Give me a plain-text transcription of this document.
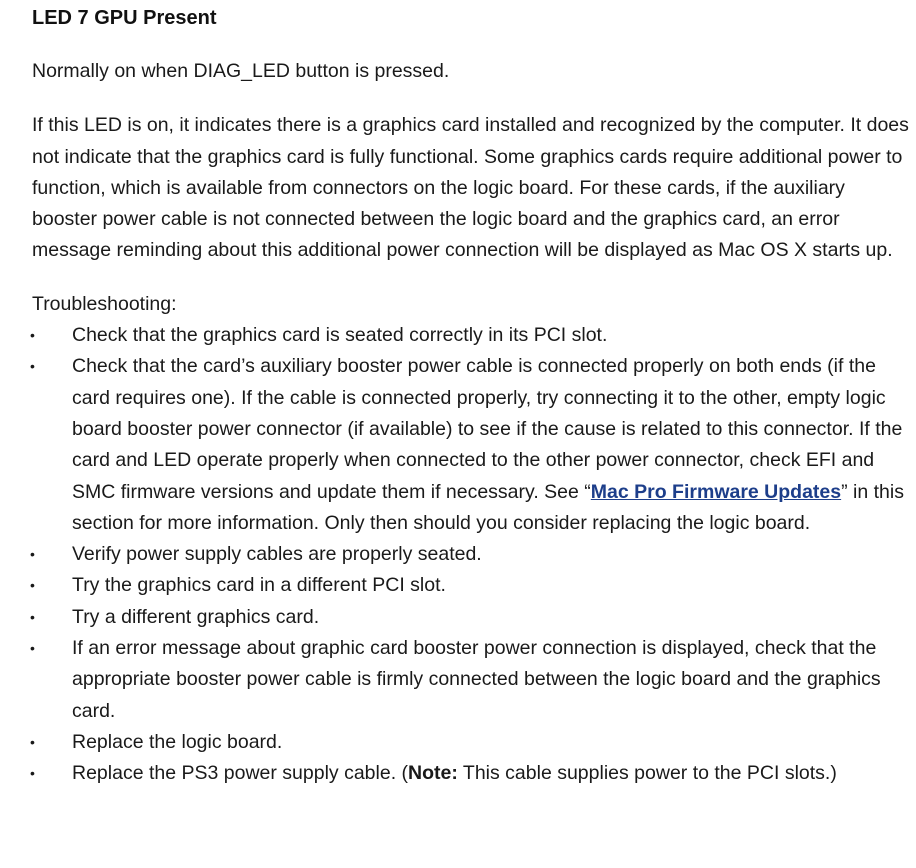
LED 7 GPU Present

Normally on when DIAG_LED button is pressed.

If this LED is on, it indicates there is a graphics card installed and recognized by the computer. It does not indicate that the graphics card is fully functional. Some graphics cards require additional power to function, which is available from connectors on the logic board. For these cards, if the auxiliary booster power cable is not connected between the logic board and the graphics card, an error message reminding about this additional power connection will be displayed as Mac OS X starts up.

Troubleshooting:

• Check that the graphics card is seated correctly in its PCI slot.
• Check that the card’s auxiliary booster power cable is connected properly on both ends (if the card requires one). If the cable is connected properly, try connecting it to the other, empty logic board booster power connector (if available) to see if the cause is related to this connector. If the card and LED operate properly when connected to the other power connector, check EFI and SMC firmware versions and update them if necessary. See “Mac Pro Firmware Updates” in this section for more information. Only then should you consider replacing the logic board.
• Verify power supply cables are properly seated.
• Try the graphics card in a different PCI slot.
• Try a different graphics card.
• If an error message about graphic card booster power connection is displayed, check that the appropriate booster power cable is firmly connected between the logic board and the graphics card.
• Replace the logic board.
• Replace the PS3 power supply cable. (Note: This cable supplies power to the PCI slots.)
